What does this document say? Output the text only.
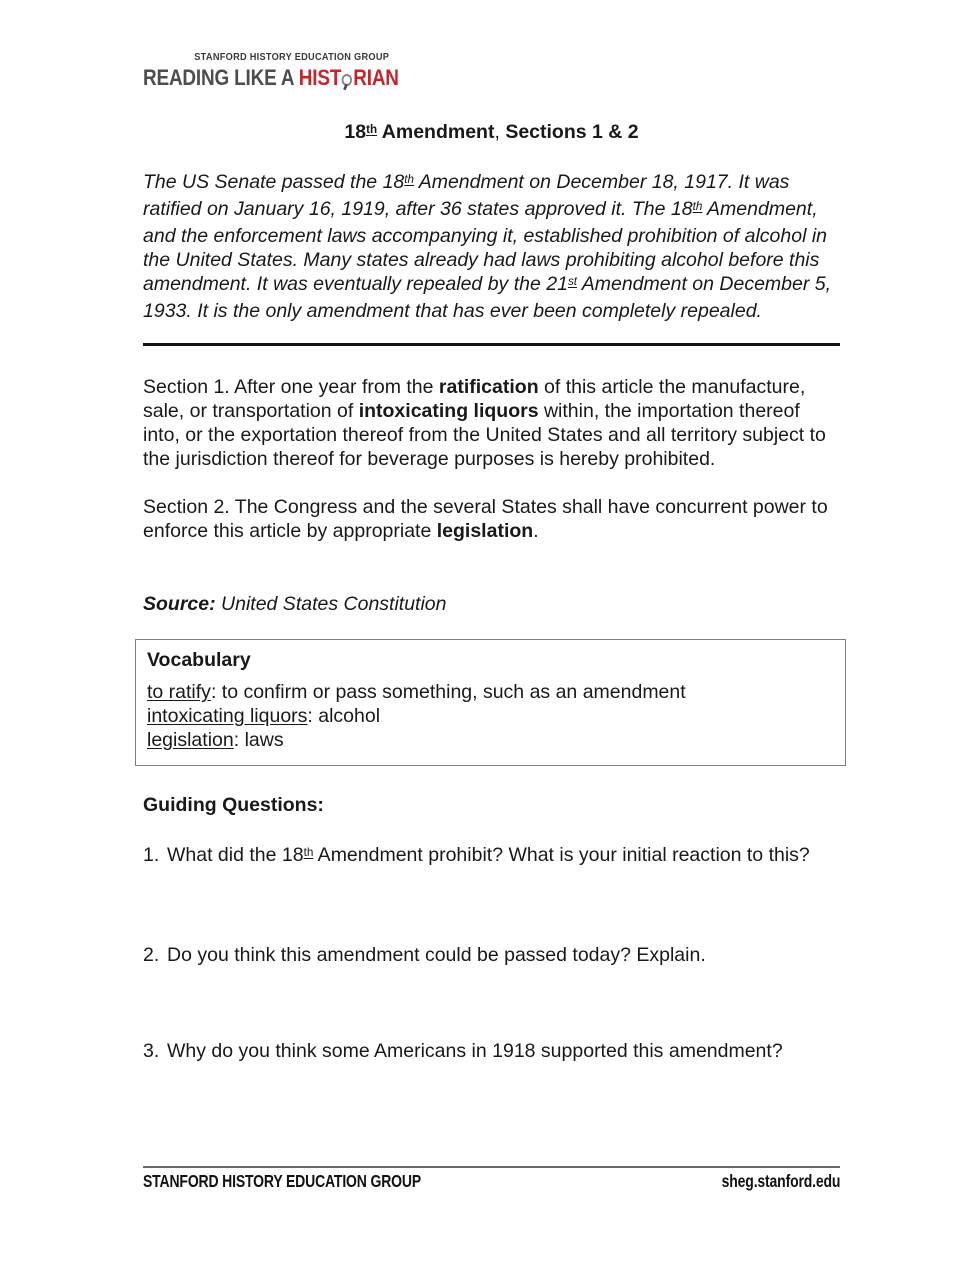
STANFORD HISTORY EDUCATION GROUP
READING LIKE A HIST RIAN
18th Amendment, Sections 1 & 2

The US Senate passed the 18th Amendment on December 18, 1917. It was ratified on January 16, 1919, after 36 states approved it. The 18th Amendment, and the enforcement laws accompanying it, established prohibition of alcohol in the United States. Many states already had laws prohibiting alcohol before this amendment. It was eventually repealed by the 21st Amendment on December 5, 1933. It is the only amendment that has ever been completely repealed.

Section 1. After one year from the ratification of this article the manufacture, sale, or transportation of intoxicating liquors within, the importation thereof into, or the exportation thereof from the United States and all territory subject to the jurisdiction thereof for beverage purposes is hereby prohibited.

Section 2. The Congress and the several States shall have concurrent power to enforce this article by appropriate legislation.

Source: United States Constitution

Vocabulary
to ratify: to confirm or pass something, such as an amendment
intoxicating liquors: alcohol
legislation: laws
Guiding Questions:
1. What did the 18th Amendment prohibit? What is your initial reaction to this?
2. Do you think this amendment could be passed today? Explain.
3. Why do you think some Americans in 1918 supported this amendment?
STANFORD HISTORY EDUCATION GROUP	sheg.stanford.edu
